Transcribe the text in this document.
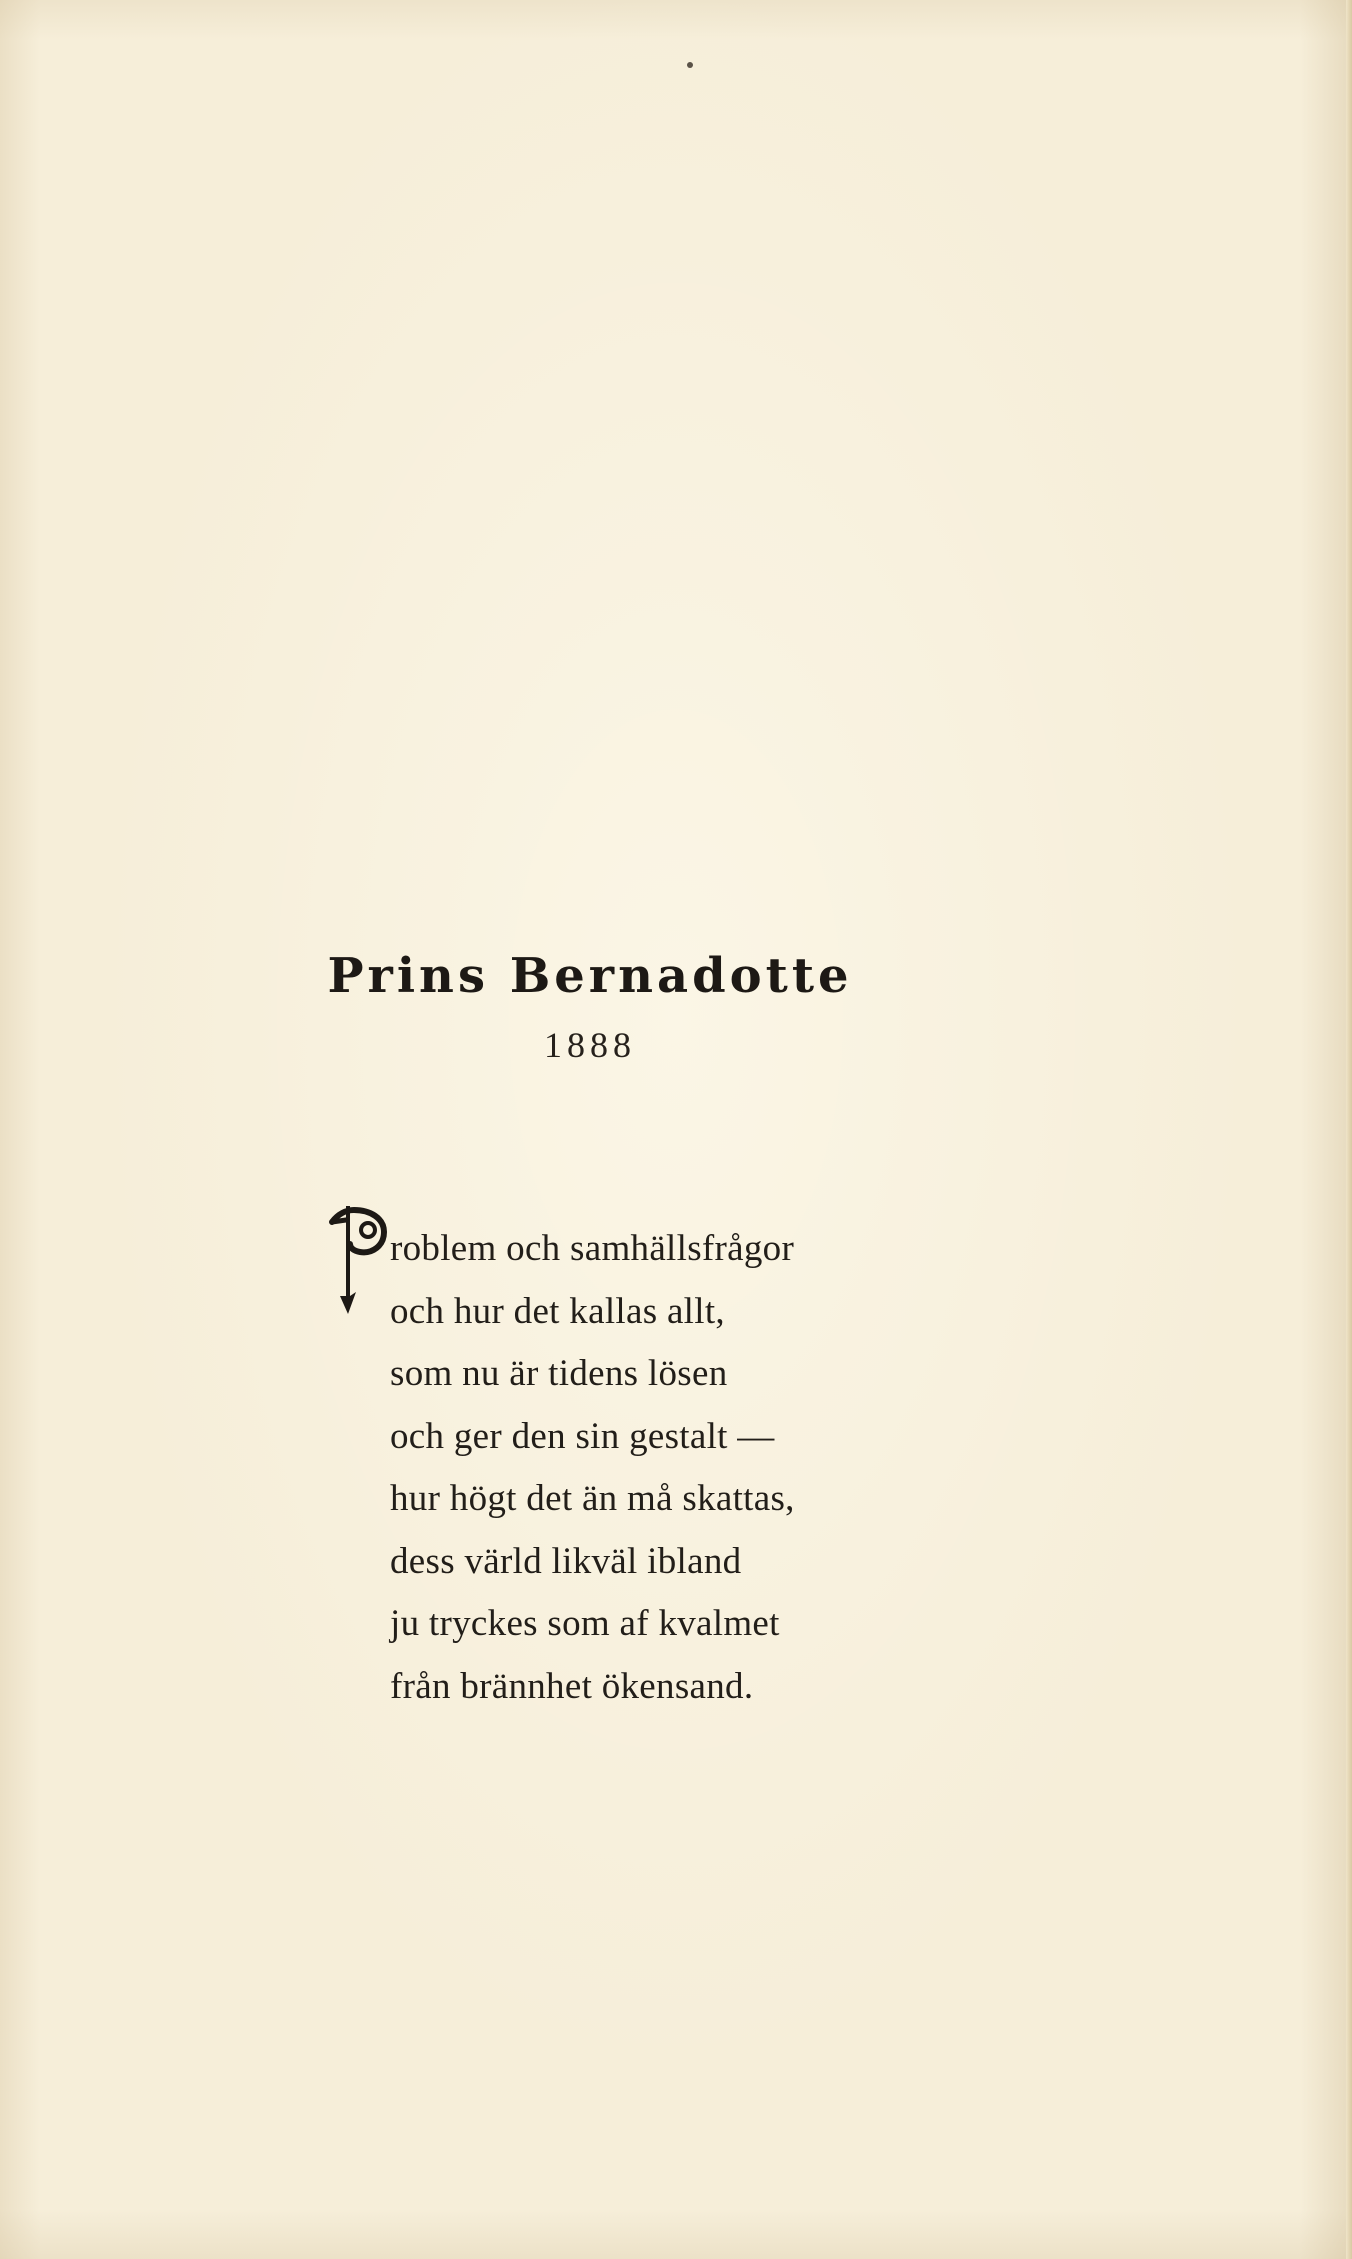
Prins Bernadotte
1888
roblem och samhällsfrågor
och hur det kallas allt,
som nu är tidens lösen
och ger den sin gestalt —
hur högt det än må skattas,
dess värld likväl ibland
ju tryckes som af kvalmet
från brännhet ökensand.
